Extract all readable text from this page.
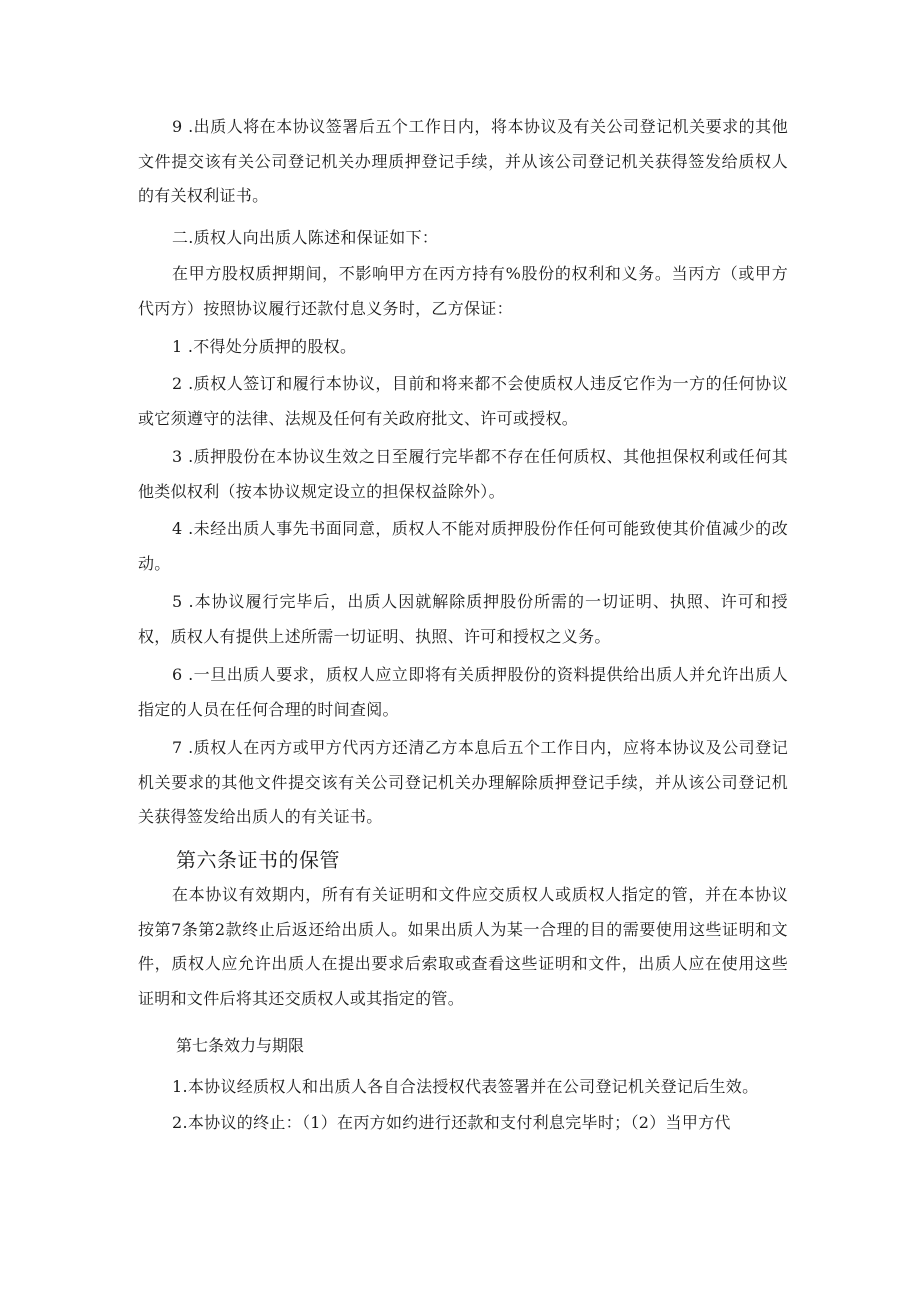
9 .出质人将在本协议签署后五个工作日内，将本协议及有关公司登记机关要求的其他文件提交该有关公司登记机关办理质押登记手续，并从该公司登记机关获得签发给质权人的有关权利证书。

二.质权人向出质人陈述和保证如下：

在甲方股权质押期间，不影响甲方在丙方持有%股份的权利和义务。当丙方（或甲方代丙方）按照协议履行还款付息义务时，乙方保证：

1 .不得处分质押的股权。

2 .质权人签订和履行本协议，目前和将来都不会使质权人违反它作为一方的任何协议或它须遵守的法律、法规及任何有关政府批文、许可或授权。

3 .质押股份在本协议生效之日至履行完毕都不存在任何质权、其他担保权利或任何其他类似权利（按本协议规定设立的担保权益除外）。

4 .未经出质人事先书面同意，质权人不能对质押股份作任何可能致使其价值减少的改动。

5 .本协议履行完毕后，出质人因就解除质押股份所需的一切证明、执照、许可和授权，质权人有提供上述所需一切证明、执照、许可和授权之义务。

6 .一旦出质人要求，质权人应立即将有关质押股份的资料提供给出质人并允许出质人指定的人员在任何合理的时间查阅。

7 .质权人在丙方或甲方代丙方还清乙方本息后五个工作日内，应将本协议及公司登记机关要求的其他文件提交该有关公司登记机关办理解除质押登记手续，并从该公司登记机关获得签发给出质人的有关证书。

第六条证书的保管

在本协议有效期内，所有有关证明和文件应交质权人或质权人指定的管，并在本协议按第7条第2款终止后返还给出质人。如果出质人为某一合理的目的需要使用这些证明和文件，质权人应允许出质人在提出要求后索取或查看这些证明和文件，出质人应在使用这些证明和文件后将其还交质权人或其指定的管。

第七条效力与期限

1.本协议经质权人和出质人各自合法授权代表签署并在公司登记机关登记后生效。

2.本协议的终止：（1）在丙方如约进行还款和支付利息完毕时；（2）当甲方代
